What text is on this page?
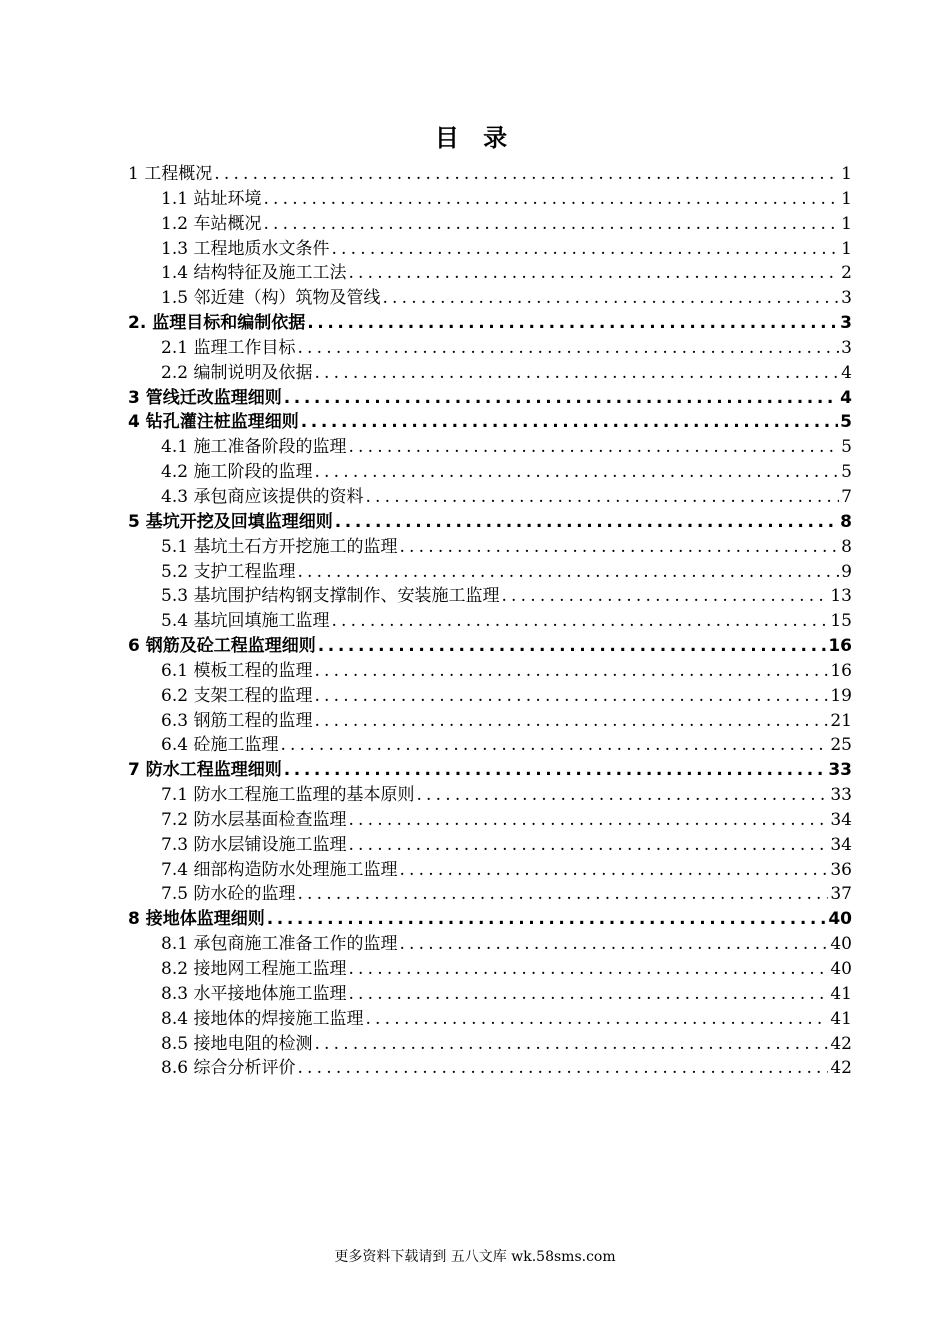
目 录
1 工程概况 .....	1
1.1 站址环境 .....	1
1.2 车站概况 .....	1
1.3 工程地质水文条件 .....	1
1.4 结构特征及施工工法 .....	2
1.5 邻近建（构）筑物及管线 .....	3
2. 监理目标和编制依据 .....	3
2.1 监理工作目标 .....	3
2.2 编制说明及依据 .....	4
3 管线迁改监理细则 .....	4
4 钻孔灌注桩监理细则 .....	5
4.1 施工准备阶段的监理 .....	5
4.2 施工阶段的监理 .....	5
4.3 承包商应该提供的资料 .....	7
5 基坑开挖及回填监理细则 .....	8
5.1 基坑土石方开挖施工的监理 .....	8
5.2 支护工程监理 .....	9
5.3 基坑围护结构钢支撑制作、安装施工监理 .....	13
5.4 基坑回填施工监理 .....	15
6 钢筋及砼工程监理细则 .....	16
6.1 模板工程的监理 .....	16
6.2 支架工程的监理 .....	19
6.3 钢筋工程的监理 .....	21
6.4 砼施工监理 .....	25
7 防水工程监理细则 .....	33
7.1 防水工程施工监理的基本原则 .....	33
7.2 防水层基面检查监理 .....	34
7.3 防水层铺设施工监理 .....	34
7.4 细部构造防水处理施工监理 .....	36
7.5 防水砼的监理 .....	37
8 接地体监理细则 .....	40
8.1 承包商施工准备工作的监理 .....	40
8.2 接地网工程施工监理 .....	40
8.3 水平接地体施工监理 .....	41
8.4 接地体的焊接施工监理 .....	41
8.5 接地电阻的检测 .....	42
8.6 综合分析评价 .....	42
更多资料下载请到 五八文库 wk.58sms.com
